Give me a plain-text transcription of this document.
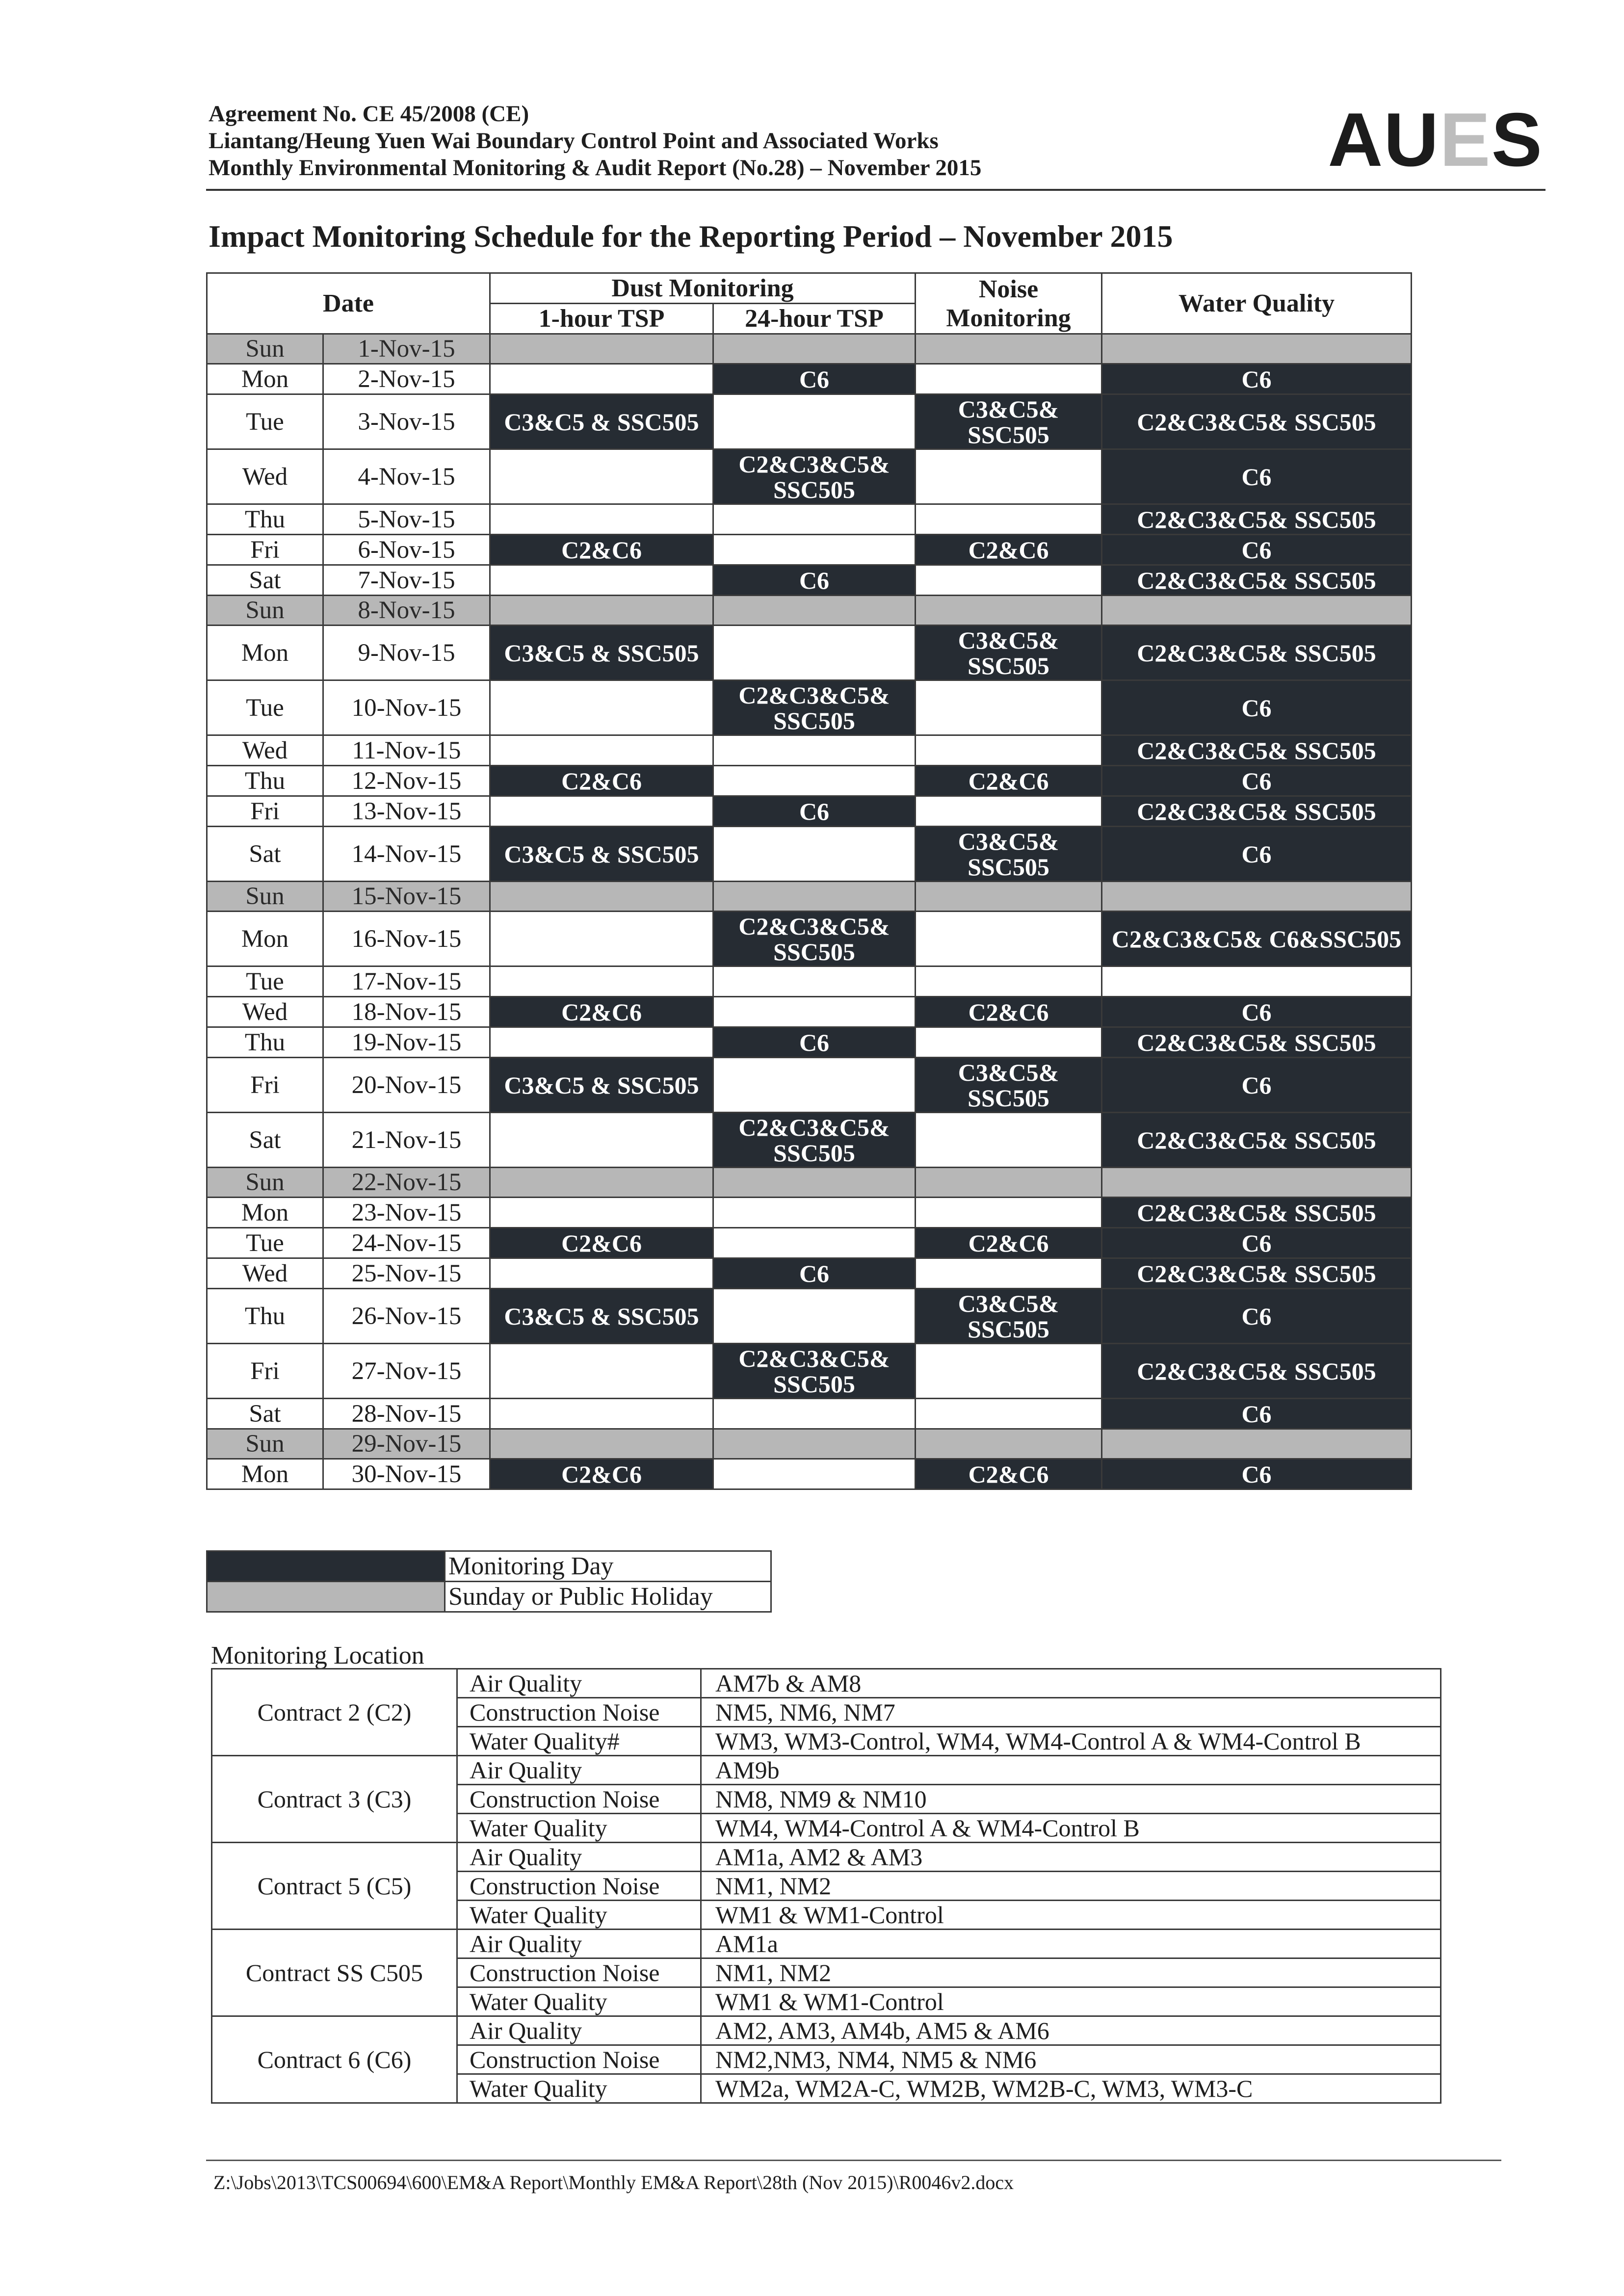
Agreement No. CE 45/2008 (CE)
Liantang/Heung Yuen Wai Boundary Control Point and Associated Works
Monthly Environmental Monitoring & Audit Report (No.28) – November 2015	AUES
Impact Monitoring Schedule for the Reporting Period – November 2015
Date		Dust Monitoring		Noise Monitoring	Water Quality
		1-hour TSP	24-hour TSP		
Sun	1-Nov-15				
Mon	2-Nov-15		C6		C6
Tue	3-Nov-15	C3&C5 & SSC505		C3&C5& SSC505	C2&C3&C5& SSC505
Wed	4-Nov-15		C2&C3&C5& SSC505		C6
Thu	5-Nov-15				C2&C3&C5& SSC505
Fri	6-Nov-15	C2&C6		C2&C6	C6
Sat	7-Nov-15		C6		C2&C3&C5& SSC505
Sun	8-Nov-15				
Mon	9-Nov-15	C3&C5 & SSC505		C3&C5& SSC505	C2&C3&C5& SSC505
Tue	10-Nov-15		C2&C3&C5& SSC505		C6
Wed	11-Nov-15				C2&C3&C5& SSC505
Thu	12-Nov-15	C2&C6		C2&C6	C6
Fri	13-Nov-15		C6		C2&C3&C5& SSC505
Sat	14-Nov-15	C3&C5 & SSC505		C3&C5& SSC505	C6
Sun	15-Nov-15				
Mon	16-Nov-15		C2&C3&C5& SSC505		C2&C3&C5& C6&SSC505
Tue	17-Nov-15				
Wed	18-Nov-15	C2&C6		C2&C6	C6
Thu	19-Nov-15		C6		C2&C3&C5& SSC505
Fri	20-Nov-15	C3&C5 & SSC505		C3&C5& SSC505	C6
Sat	21-Nov-15		C2&C3&C5& SSC505		C2&C3&C5& SSC505
Sun	22-Nov-15				
Mon	23-Nov-15				C2&C3&C5& SSC505
Tue	24-Nov-15	C2&C6		C2&C6	C6
Wed	25-Nov-15		C6		C2&C3&C5& SSC505
Thu	26-Nov-15	C3&C5 & SSC505		C3&C5& SSC505	C6
Fri	27-Nov-15		C2&C3&C5& SSC505		C2&C3&C5& SSC505
Sat	28-Nov-15				C6
Sun	29-Nov-15				
Mon	30-Nov-15	C2&C6		C2&C6	C6
	Monitoring Day
	Sunday or Public Holiday
Monitoring Location
Contract 2 (C2)	Air Quality	AM7b & AM8
	Construction Noise	NM5, NM6, NM7
	Water Quality#	WM3, WM3-Control, WM4, WM4-Control A & WM4-Control B
Contract 3 (C3)	Air Quality	AM9b
	Construction Noise	NM8, NM9 & NM10
	Water Quality	WM4, WM4-Control A & WM4-Control B
Contract 5 (C5)	Air Quality	AM1a, AM2 & AM3
	Construction Noise	NM1, NM2
	Water Quality	WM1 & WM1-Control
Contract SS C505	Air Quality	AM1a
	Construction Noise	NM1, NM2
	Water Quality	WM1 & WM1-Control
Contract 6 (C6)	Air Quality	AM2, AM3, AM4b, AM5 & AM6
	Construction Noise	NM2,NM3, NM4, NM5 & NM6
	Water Quality	WM2a, WM2A-C, WM2B, WM2B-C, WM3, WM3-C
Z:\Jobs\2013\TCS00694\600\EM&A Report\Monthly EM&A Report\28th (Nov 2015)\R0046v2.docx
